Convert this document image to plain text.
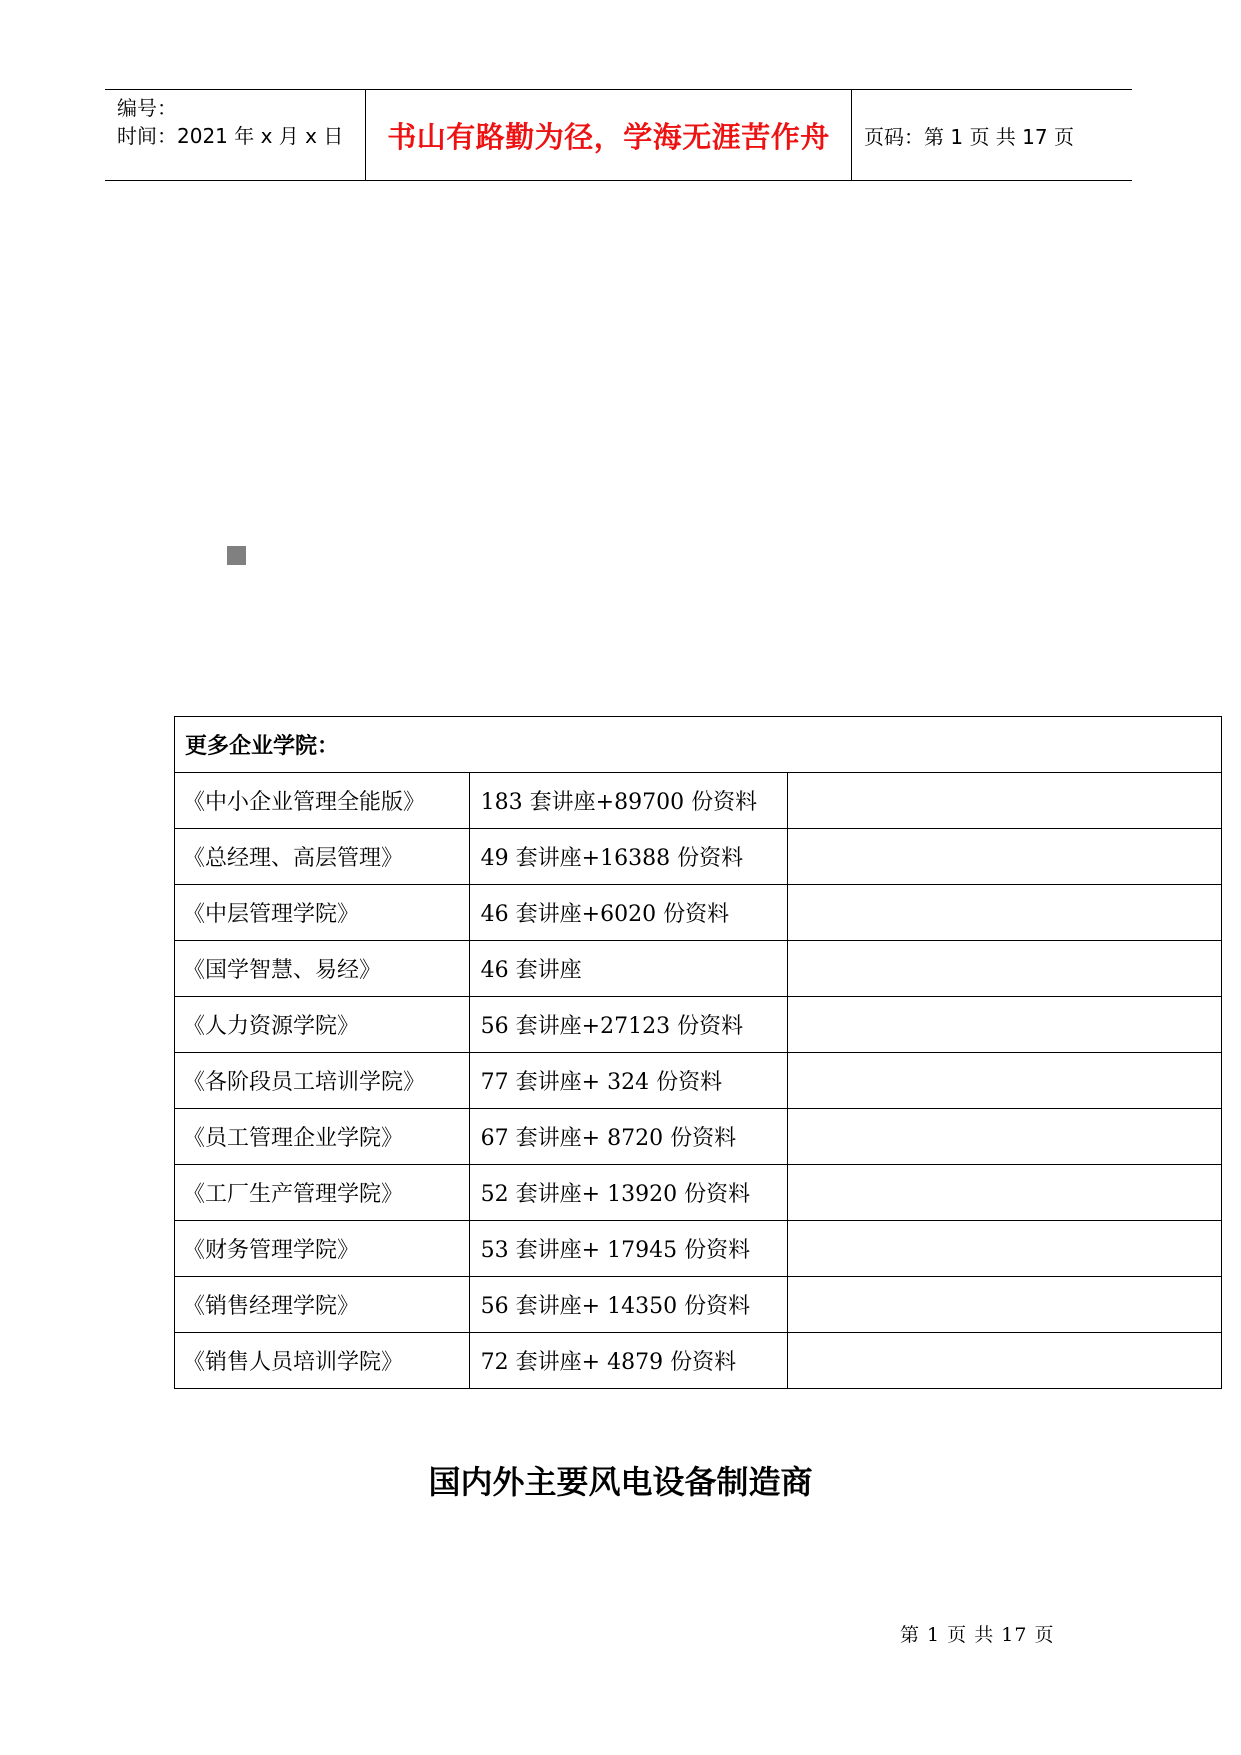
编号：
时间：2021 年 x 月 x 日	书山有路勤为径，学海无涯苦作舟 页码：第 1 页 共 17 页
更多企业学院：		
《中小企业管理全能版》	183 套讲座+89700 份资料	
《总经理、高层管理》	49 套讲座+16388 份资料	
《中层管理学院》	46 套讲座+6020 份资料	
《国学智慧、易经》	46 套讲座	
《人力资源学院》	56 套讲座+27123 份资料	
《各阶段员工培训学院》	77 套讲座+ 324 份资料	
《员工管理企业学院》	67 套讲座+ 8720 份资料	
《工厂生产管理学院》	52 套讲座+ 13920 份资料	
《财务管理学院》	53 套讲座+ 17945 份资料	
《销售经理学院》	56 套讲座+ 14350 份资料	
《销售人员培训学院》	72 套讲座+ 4879 份资料	
国内外主要风电设备制造商
第 1 页 共 17 页
